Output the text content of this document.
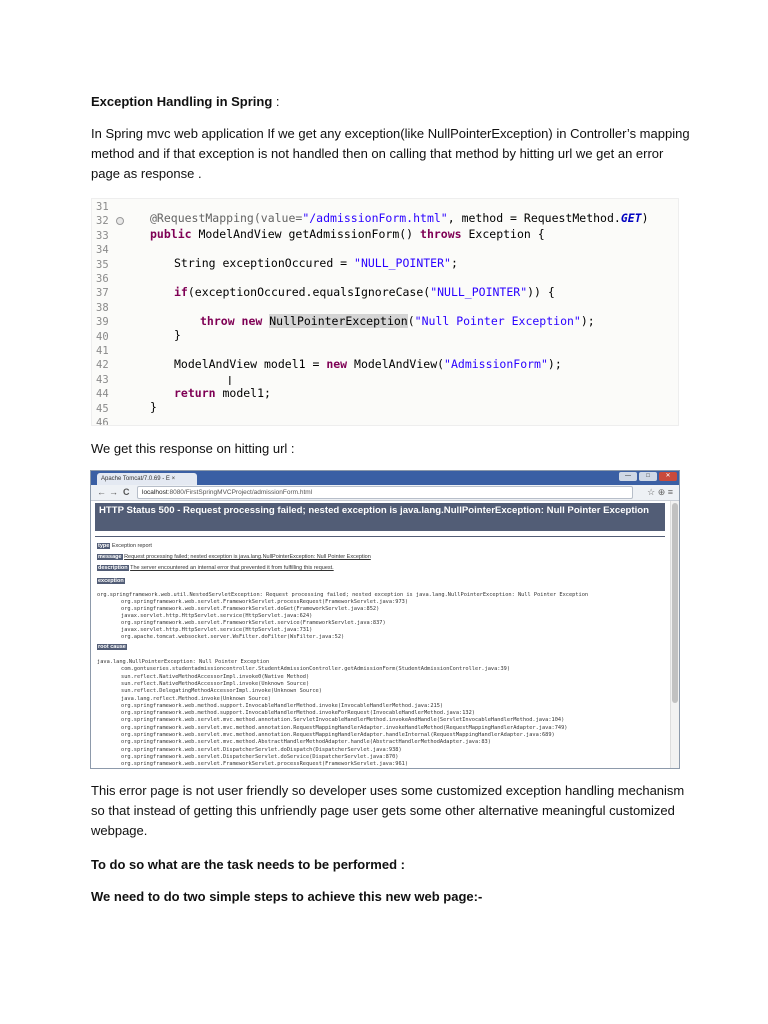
Exception Handling in Spring :
In Spring mvc web application If we get any exception(like NullPointerException) in Controller’s mapping method and if that exception is not handled then on calling that method by hitting url we get an error page as response .
31
32
33
34
35
36
37
38
39
40
41
42
43
44
45
46
@RequestMapping(value="/admissionForm.html", method = RequestMethod.GET)
public ModelAndView getAdmissionForm() throws Exception {
String exceptionOccured = "NULL_POINTER";
if(exceptionOccured.equalsIgnoreCase("NULL_POINTER")) {
throw new NullPointerException("Null Pointer Exception");
}
ModelAndView model1 = new ModelAndView("AdmissionForm");
return model1;
}
I
We get this response on hitting url :
Apache Tomcat/7.0.69 - E ×	—	□	✕
← → C	localhost:8080/FirstSpringMVCProject/admissionForm.html	☆ ⊕ ≡
HTTP Status 500 - Request processing failed; nested exception is java.lang.NullPointerException: Null Pointer Exception
type Exception report
message Request processing failed; nested exception is java.lang.NullPointerException: Null Pointer Exception
description The server encountered an internal error that prevented it from fulfilling this request.
exception
org.springframework.web.util.NestedServletException: Request processing failed; nested exception is java.lang.NullPointerException: Null Pointer Exception
org.springframework.web.servlet.FrameworkServlet.processRequest(FrameworkServlet.java:973)
org.springframework.web.servlet.FrameworkServlet.doGet(FrameworkServlet.java:852)
javax.servlet.http.HttpServlet.service(HttpServlet.java:624)
org.springframework.web.servlet.FrameworkServlet.service(FrameworkServlet.java:837)
javax.servlet.http.HttpServlet.service(HttpServlet.java:731)
org.apache.tomcat.websocket.server.WsFilter.doFilter(WsFilter.java:52)
root cause
java.lang.NullPointerException: Null Pointer Exception
com.gontuseries.studentadmissioncontroller.StudentAdmissionController.getAdmissionForm(StudentAdmissionController.java:39)
sun.reflect.NativeMethodAccessorImpl.invoke0(Native Method)
sun.reflect.NativeMethodAccessorImpl.invoke(Unknown Source)
sun.reflect.DelegatingMethodAccessorImpl.invoke(Unknown Source)
java.lang.reflect.Method.invoke(Unknown Source)
org.springframework.web.method.support.InvocableHandlerMethod.invoke(InvocableHandlerMethod.java:215)
org.springframework.web.method.support.InvocableHandlerMethod.invokeForRequest(InvocableHandlerMethod.java:132)
org.springframework.web.servlet.mvc.method.annotation.ServletInvocableHandlerMethod.invokeAndHandle(ServletInvocableHandlerMethod.java:104)
org.springframework.web.servlet.mvc.method.annotation.RequestMappingHandlerAdapter.invokeHandleMethod(RequestMappingHandlerAdapter.java:749)
org.springframework.web.servlet.mvc.method.annotation.RequestMappingHandlerAdapter.handleInternal(RequestMappingHandlerAdapter.java:689)
org.springframework.web.servlet.mvc.method.AbstractHandlerMethodAdapter.handle(AbstractHandlerMethodAdapter.java:83)
org.springframework.web.servlet.DispatcherServlet.doDispatch(DispatcherServlet.java:938)
org.springframework.web.servlet.DispatcherServlet.doService(DispatcherServlet.java:870)
org.springframework.web.servlet.FrameworkServlet.processRequest(FrameworkServlet.java:961)
This error page is not user friendly so developer uses some customized exception handling mechanism so that instead of getting this unfriendly page user gets some other alternative meaningful customized webpage.
To do so what are the task needs to be performed :
We need to do two simple steps to achieve this new web page:-
